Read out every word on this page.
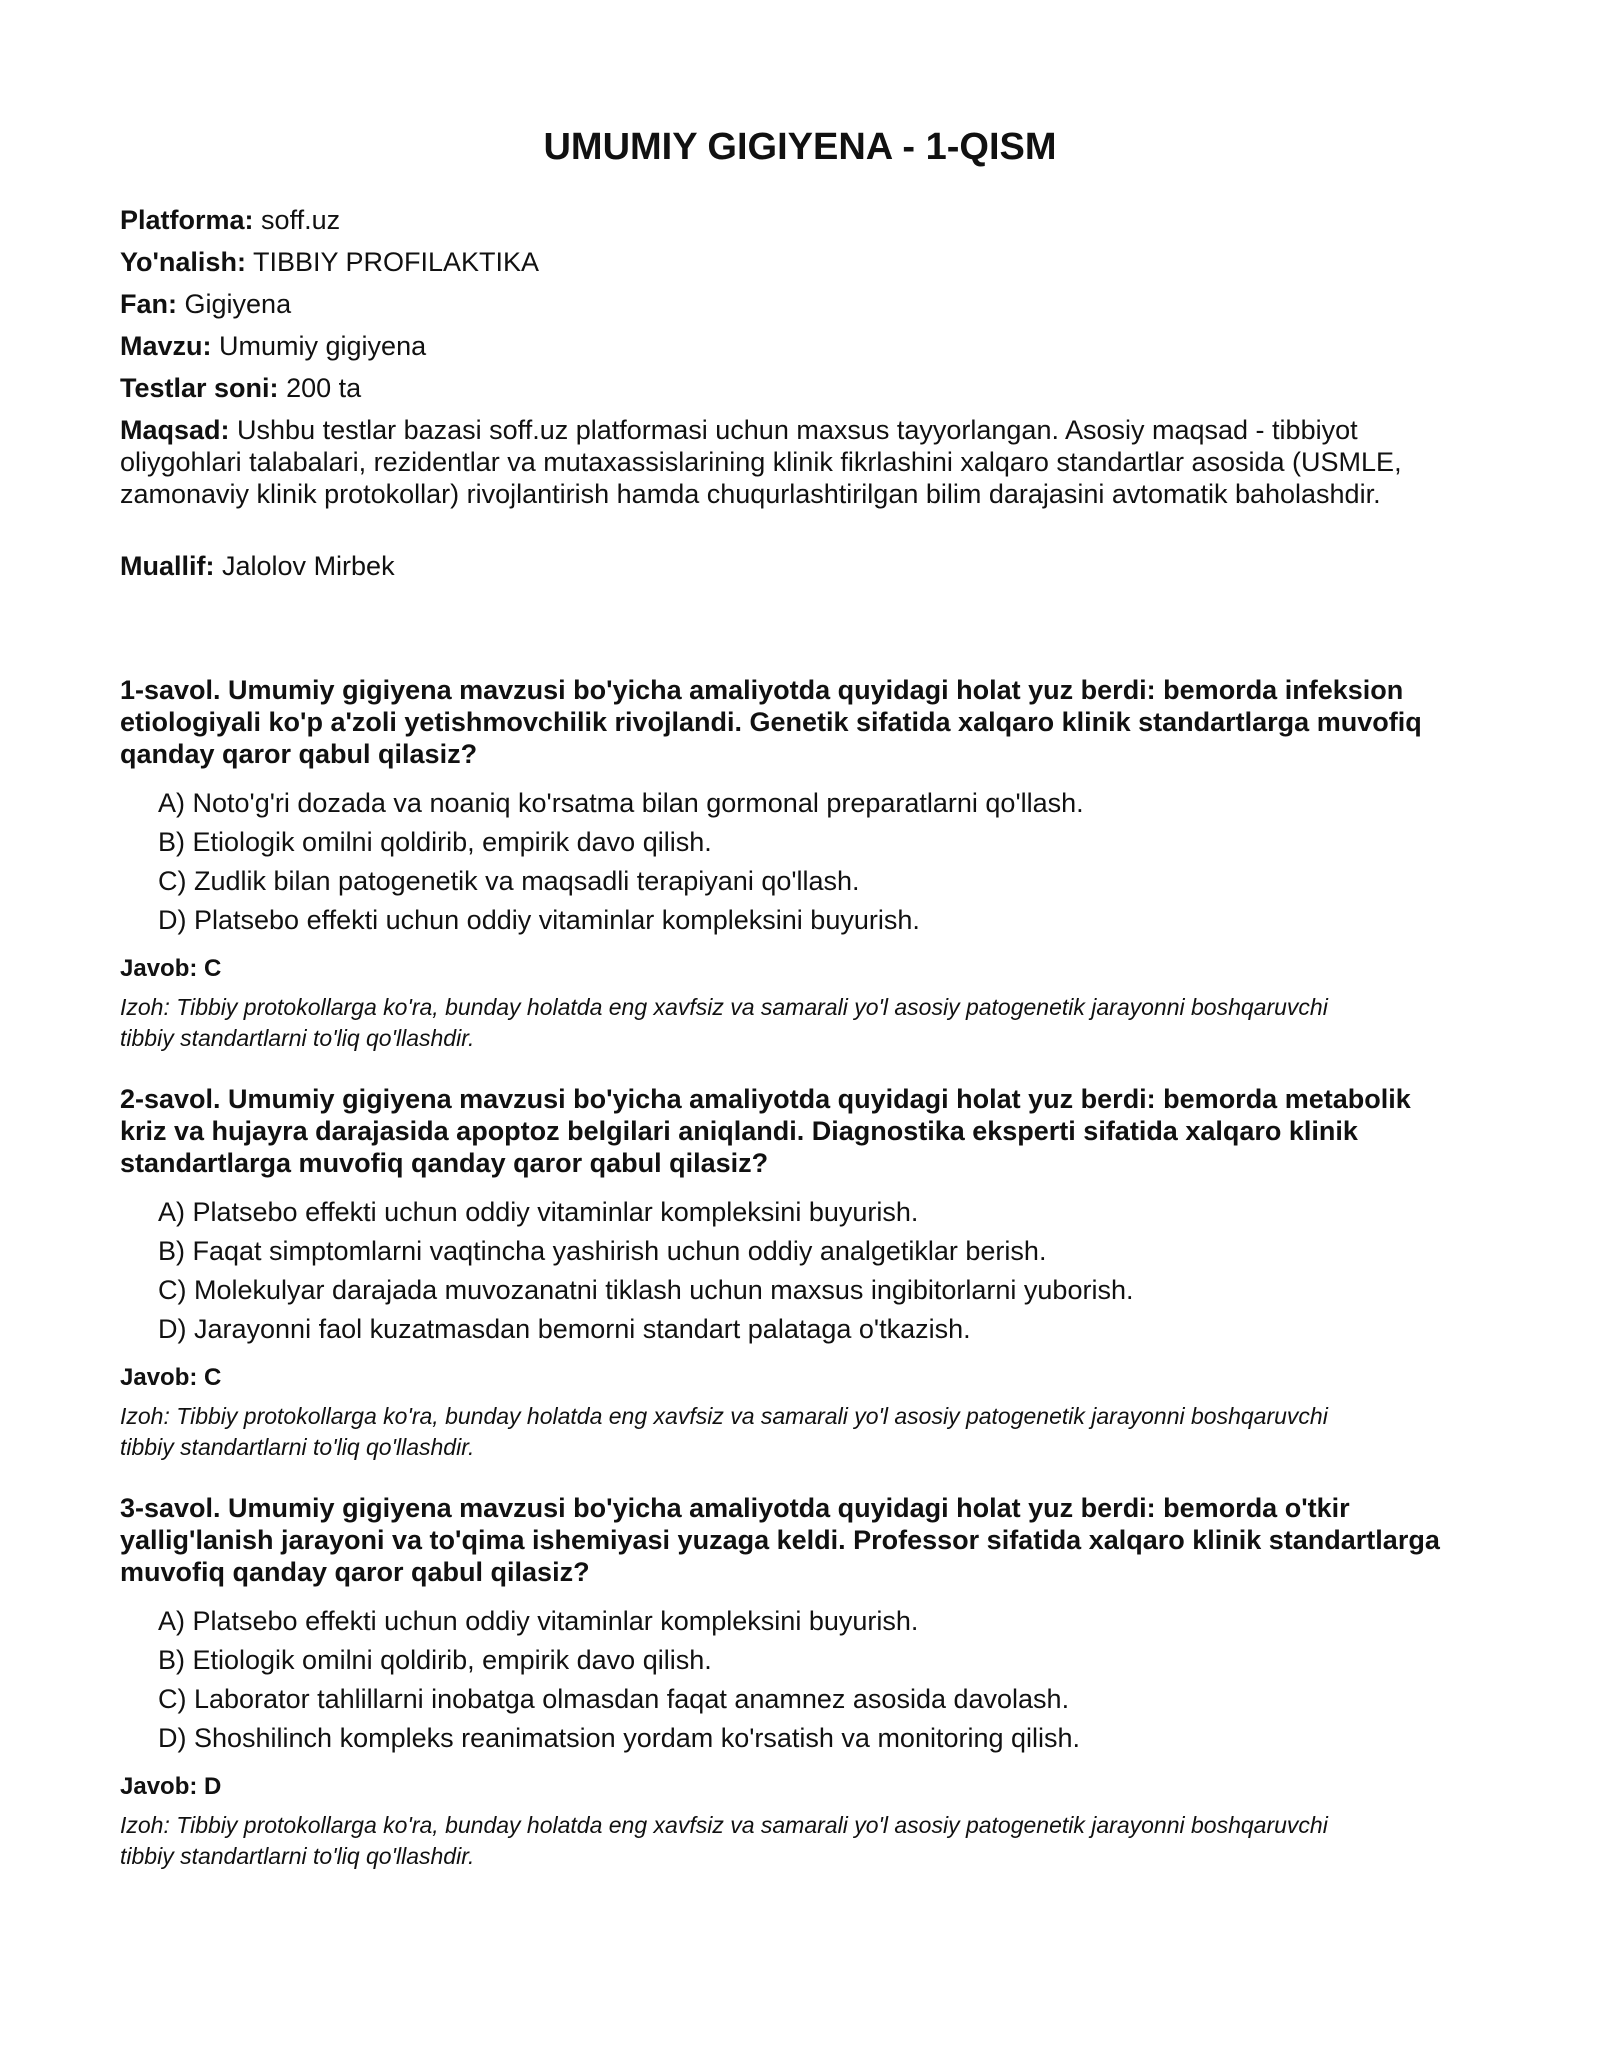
UMUMIY GIGIYENA - 1-QISM
Platforma: soff.uz
Yo'nalish: TIBBIY PROFILAKTIKA
Fan: Gigiyena
Mavzu: Umumiy gigiyena
Testlar soni: 200 ta
Maqsad: Ushbu testlar bazasi soff.uz platformasi uchun maxsus tayyorlangan. Asosiy maqsad - tibbiyot oliygohlari talabalari, rezidentlar va mutaxassislarining klinik fikrlashini xalqaro standartlar asosida (USMLE, zamonaviy klinik protokollar) rivojlantirish hamda chuqurlashtirilgan bilim darajasini avtomatik baholashdir.
Muallif: Jalolov Mirbek

1-savol. Umumiy gigiyena mavzusi bo'yicha amaliyotda quyidagi holat yuz berdi: bemorda infeksion etiologiyali ko'p a'zoli yetishmovchilik rivojlandi. Genetik sifatida xalqaro klinik standartlarga muvofiq qanday qaror qabul qilasiz?

A) Noto'g'ri dozada va noaniq ko'rsatma bilan gormonal preparatlarni qo'llash.
B) Etiologik omilni qoldirib, empirik davo qilish.
C) Zudlik bilan patogenetik va maqsadli terapiyani qo'llash.
D) Platsebo effekti uchun oddiy vitaminlar kompleksini buyurish.
Javob: C
Izoh: Tibbiy protokollarga ko'ra, bunday holatda eng xavfsiz va samarali yo'l asosiy patogenetik jarayonni boshqaruvchi tibbiy standartlarni to'liq qo'llashdir.

2-savol. Umumiy gigiyena mavzusi bo'yicha amaliyotda quyidagi holat yuz berdi: bemorda metabolik kriz va hujayra darajasida apoptoz belgilari aniqlandi. Diagnostika eksperti sifatida xalqaro klinik standartlarga muvofiq qanday qaror qabul qilasiz?

A) Platsebo effekti uchun oddiy vitaminlar kompleksini buyurish.
B) Faqat simptomlarni vaqtincha yashirish uchun oddiy analgetiklar berish.
C) Molekulyar darajada muvozanatni tiklash uchun maxsus ingibitorlarni yuborish.
D) Jarayonni faol kuzatmasdan bemorni standart palataga o'tkazish.
Javob: C
Izoh: Tibbiy protokollarga ko'ra, bunday holatda eng xavfsiz va samarali yo'l asosiy patogenetik jarayonni boshqaruvchi tibbiy standartlarni to'liq qo'llashdir.

3-savol. Umumiy gigiyena mavzusi bo'yicha amaliyotda quyidagi holat yuz berdi: bemorda o'tkir yallig'lanish jarayoni va to'qima ishemiyasi yuzaga keldi. Professor sifatida xalqaro klinik standartlarga muvofiq qanday qaror qabul qilasiz?

A) Platsebo effekti uchun oddiy vitaminlar kompleksini buyurish.
B) Etiologik omilni qoldirib, empirik davo qilish.
C) Laborator tahlillarni inobatga olmasdan faqat anamnez asosida davolash.
D) Shoshilinch kompleks reanimatsion yordam ko'rsatish va monitoring qilish.
Javob: D
Izoh: Tibbiy protokollarga ko'ra, bunday holatda eng xavfsiz va samarali yo'l asosiy patogenetik jarayonni boshqaruvchi tibbiy standartlarni to'liq qo'llashdir.
